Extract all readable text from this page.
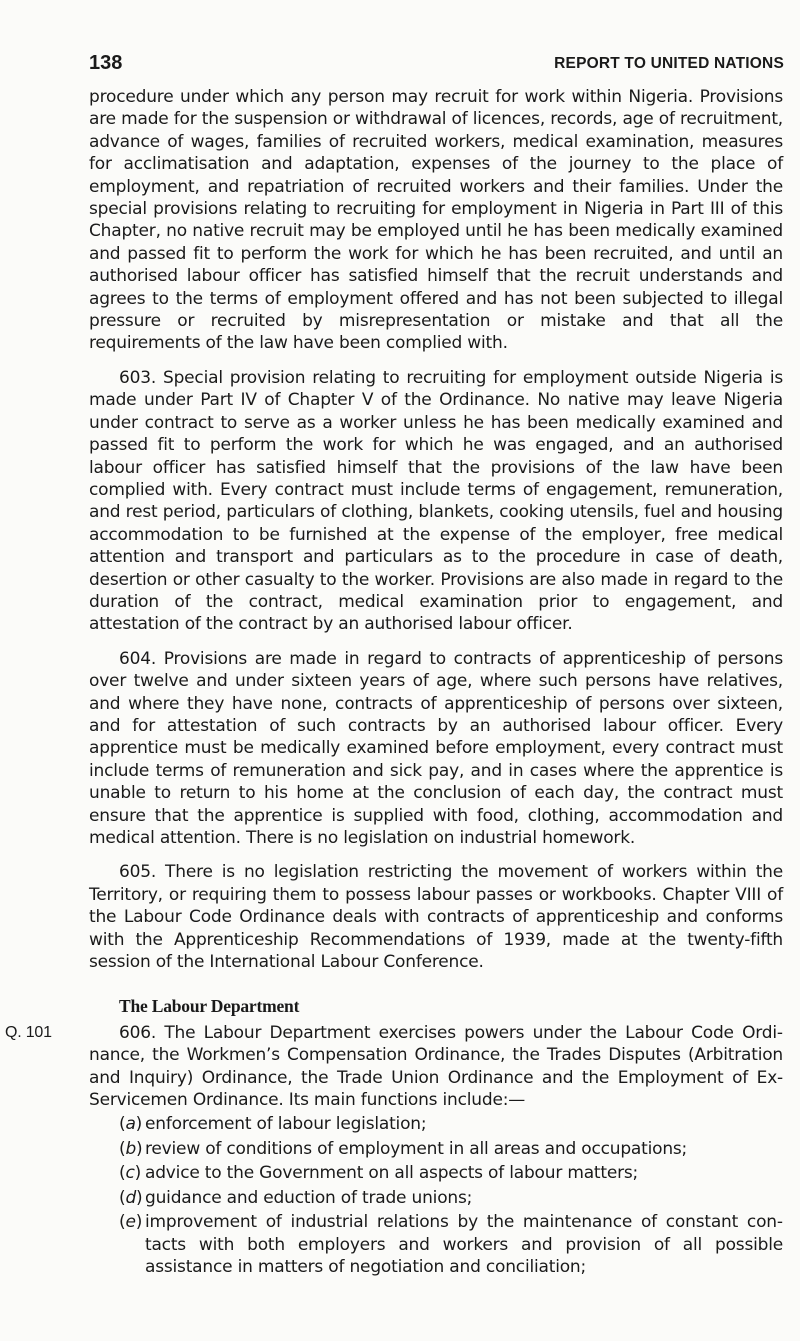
138	REPORT TO UNITED NATIONS

procedure under which any person may recruit for work within Nigeria. Provisions are made for the suspension or withdrawal of licences, records, age of recruitment, advance of wages, families of recruited workers, medical examination, measures for acclimatisation and adaptation, expenses of the journey to the place of employment, and repatriation of recruited workers and their families. Under the special provisions relating to recruiting for employment in Nigeria in Part III of this Chapter, no native recruit may be employed until he has been medically examined and passed fit to perform the work for which he has been recruited, and until an authorised labour officer has satisfied himself that the recruit understands and agrees to the terms of employment offered and has not been subjected to illegal pressure or recruited by misrepresentation or mistake and that all the requirements of the law have been complied with.

603. Special provision relating to recruiting for employment outside Nigeria is made under Part IV of Chapter V of the Ordinance. No native may leave Nigeria under contract to serve as a worker unless he has been medically examined and passed fit to perform the work for which he was engaged, and an authorised labour officer has satisfied himself that the provisions of the law have been complied with. Every contract must include terms of engagement, remuneration, and rest period, particulars of clothing, blankets, cooking utensils, fuel and housing accommodation to be furnished at the expense of the employer, free medical attention and transport and particulars as to the procedure in case of death, desertion or other casualty to the worker. Provisions are also made in regard to the duration of the contract, medical examination prior to engagement, and attestation of the contract by an authorised labour officer.

604. Provisions are made in regard to contracts of apprenticeship of persons over twelve and under sixteen years of age, where such persons have relatives, and where they have none, contracts of apprenticeship of persons over sixteen, and for attestation of such contracts by an authorised labour officer. Every apprentice must be medically examined before employment, every contract must include terms of remuneration and sick pay, and in cases where the apprentice is unable to return to his home at the conclusion of each day, the contract must ensure that the apprentice is supplied with food, clothing, accommodation and medical attention. There is no legislation on industrial homework.

605. There is no legislation restricting the movement of workers within the Territory, or requiring them to possess labour passes or workbooks. Chapter VIII of the Labour Code Ordinance deals with contracts of apprenticeship and conforms with the Apprenticeship Recommendations of 1939, made at the twenty-fifth session of the International Labour Conference.

The Labour Department
Q. 101	606. The Labour Department exercises powers under the Labour Code Ordinance, the Workmen’s Compensation Ordinance, the Trades Disputes (Arbitration and Inquiry) Ordinance, the Trade Union Ordinance and the Employment of Ex-Servicemen Ordinance. Its main functions include:—

(a) enforcement of labour legislation;
(b) review of conditions of employment in all areas and occupations;
(c) advice to the Government on all aspects of labour matters;
(d) guidance and eduction of trade unions;
(e) improvement of industrial relations by the maintenance of constant contacts with both employers and workers and provision of all possible assistance in matters of negotiation and conciliation;
